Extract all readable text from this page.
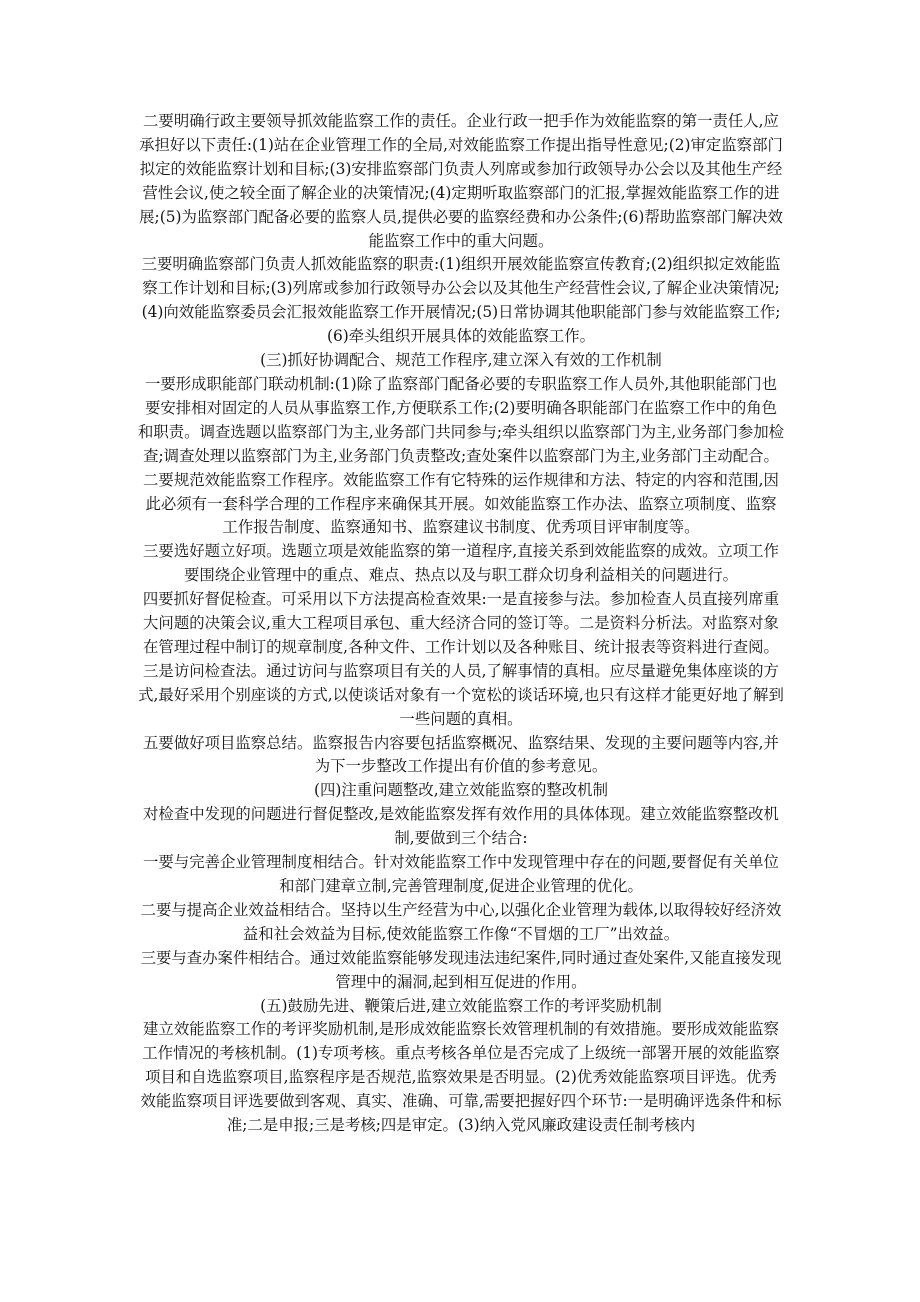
二要明确行政主要领导抓效能监察工作的责任。企业行政一把手作为效能监察的第一责任人,应承担好以下责任:(1)站在企业管理工作的全局,对效能监察工作提出指导性意见;(2)审定监察部门拟定的效能监察计划和目标;(3)安排监察部门负责人列席或参加行政领导办公会以及其他生产经营性会议,使之较全面了解企业的决策情况;(4)定期听取监察部门的汇报,掌握效能监察工作的进展;(5)为监察部门配备必要的监察人员,提供必要的监察经费和办公条件;(6)帮助监察部门解决效能监察工作中的重大问题。

三要明确监察部门负责人抓效能监察的职责:(1)组织开展效能监察宣传教育;(2)组织拟定效能监察工作计划和目标;(3)列席或参加行政领导办公会以及其他生产经营性会议,了解企业决策情况;(4)向效能监察委员会汇报效能监察工作开展情况;(5)日常协调其他职能部门参与效能监察工作;(6)牵头组织开展具体的效能监察工作。

(三)抓好协调配合、规范工作程序,建立深入有效的工作机制

一要形成职能部门联动机制:(1)除了监察部门配备必要的专职监察工作人员外,其他职能部门也要安排相对固定的人员从事监察工作,方便联系工作;(2)要明确各职能部门在监察工作中的角色和职责。调查选题以监察部门为主,业务部门共同参与;牵头组织以监察部门为主,业务部门参加检查;调查处理以监察部门为主,业务部门负责整改;查处案件以监察部门为主,业务部门主动配合。

二要规范效能监察工作程序。效能监察工作有它特殊的运作规律和方法、特定的内容和范围,因此必须有一套科学合理的工作程序来确保其开展。如效能监察工作办法、监察立项制度、监察工作报告制度、监察通知书、监察建议书制度、优秀项目评审制度等。

三要选好题立好项。选题立项是效能监察的第一道程序,直接关系到效能监察的成效。立项工作要围绕企业管理中的重点、难点、热点以及与职工群众切身利益相关的问题进行。

四要抓好督促检查。可采用以下方法提高检查效果:一是直接参与法。参加检查人员直接列席重大问题的决策会议,重大工程项目承包、重大经济合同的签订等。二是资料分析法。对监察对象在管理过程中制订的规章制度,各种文件、工作计划以及各种账目、统计报表等资料进行查阅。三是访问检查法。通过访问与监察项目有关的人员,了解事情的真相。应尽量避免集体座谈的方式,最好采用个别座谈的方式,以使谈话对象有一个宽松的谈话环境,也只有这样才能更好地了解到一些问题的真相。

五要做好项目监察总结。监察报告内容要包括监察概况、监察结果、发现的主要问题等内容,并为下一步整改工作提出有价值的参考意见。

(四)注重问题整改,建立效能监察的整改机制

对检查中发现的问题进行督促整改,是效能监察发挥有效作用的具体体现。建立效能监察整改机制,要做到三个结合:

一要与完善企业管理制度相结合。针对效能监察工作中发现管理中存在的问题,要督促有关单位和部门建章立制,完善管理制度,促进企业管理的优化。

二要与提高企业效益相结合。坚持以生产经营为中心,以强化企业管理为载体,以取得较好经济效益和社会效益为目标,使效能监察工作像“不冒烟的工厂”出效益。

三要与查办案件相结合。通过效能监察能够发现违法违纪案件,同时通过查处案件,又能直接发现管理中的漏洞,起到相互促进的作用。

(五)鼓励先进、鞭策后进,建立效能监察工作的考评奖励机制

建立效能监察工作的考评奖励机制,是形成效能监察长效管理机制的有效措施。要形成效能监察工作情况的考核机制。(1)专项考核。重点考核各单位是否完成了上级统一部署开展的效能监察项目和自选监察项目,监察程序是否规范,监察效果是否明显。(2)优秀效能监察项目评选。优秀效能监察项目评选要做到客观、真实、准确、可靠,需要把握好四个环节:一是明确评选条件和标准;二是申报;三是考核;四是审定。(3)纳入党风廉政建设责任制考核内
